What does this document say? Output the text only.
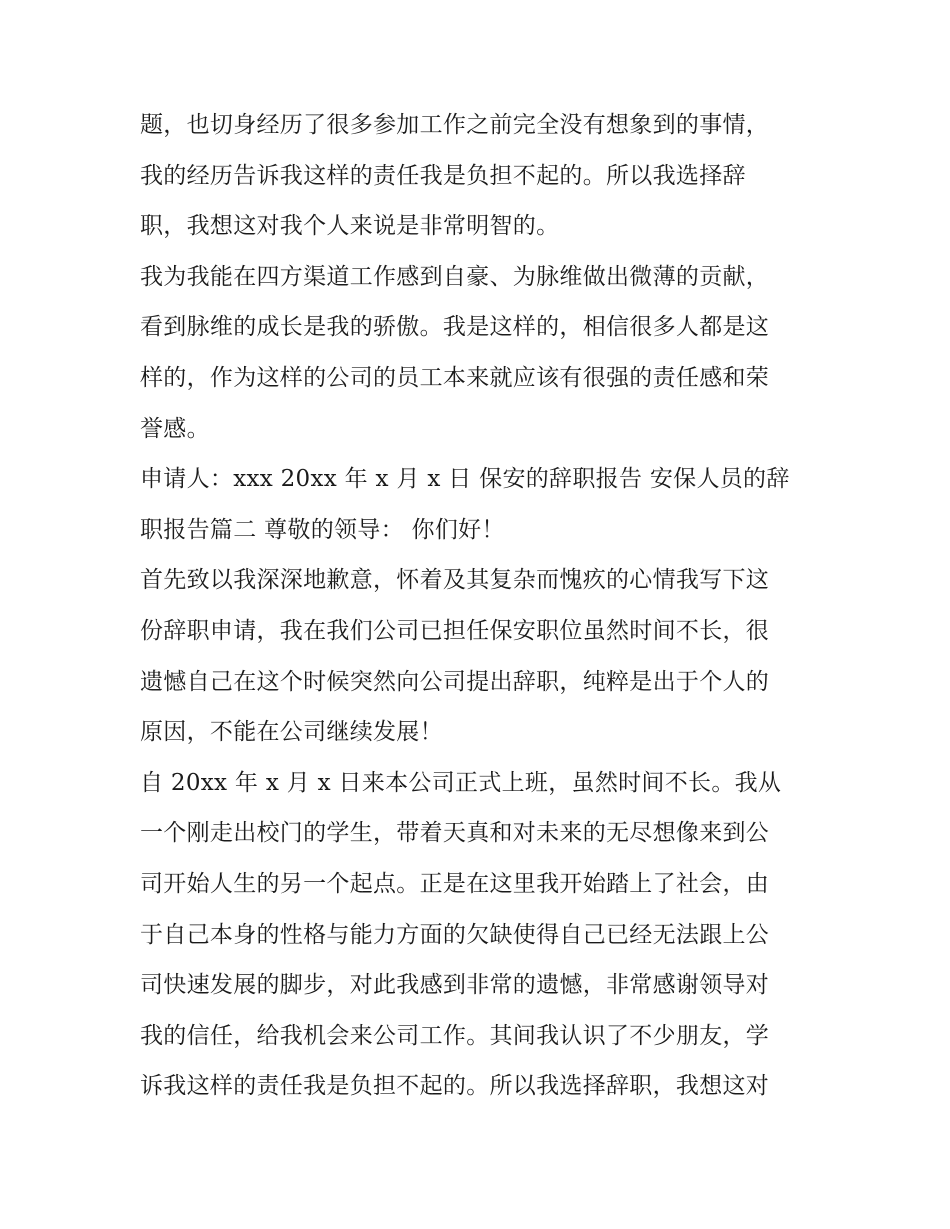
题，也切身经历了很多参加工作之前完全没有想象到的事情，
我的经历告诉我这样的责任我是负担不起的。所以我选择辞
职，我想这对我个人来说是非常明智的。
我为我能在四方渠道工作感到自豪、为脉维做出微薄的贡献，
看到脉维的成长是我的骄傲。我是这样的，相信很多人都是这
样的，作为这样的公司的员工本来就应该有很强的责任感和荣
誉感。
申请人：xxx 20xx 年 x 月 x 日 保安的辞职报告 安保人员的辞
职报告篇二 尊敬的领导： 你们好！
首先致以我深深地歉意，怀着及其复杂而愧疚的心情我写下这
份辞职申请，我在我们公司已担任保安职位虽然时间不长，很
遗憾自己在这个时候突然向公司提出辞职，纯粹是出于个人的
原因，不能在公司继续发展！
自 20xx 年 x 月 x 日来本公司正式上班，虽然时间不长。我从
一个刚走出校门的学生，带着天真和对未来的无尽想像来到公
司开始人生的另一个起点。正是在这里我开始踏上了社会，由
于自己本身的性格与能力方面的欠缺使得自己已经无法跟上公
司快速发展的脚步，对此我感到非常的遗憾，非常感谢领导对
我的信任，给我机会来公司工作。其间我认识了不少朋友，学
诉我这样的责任我是负担不起的。所以我选择辞职，我想这对
